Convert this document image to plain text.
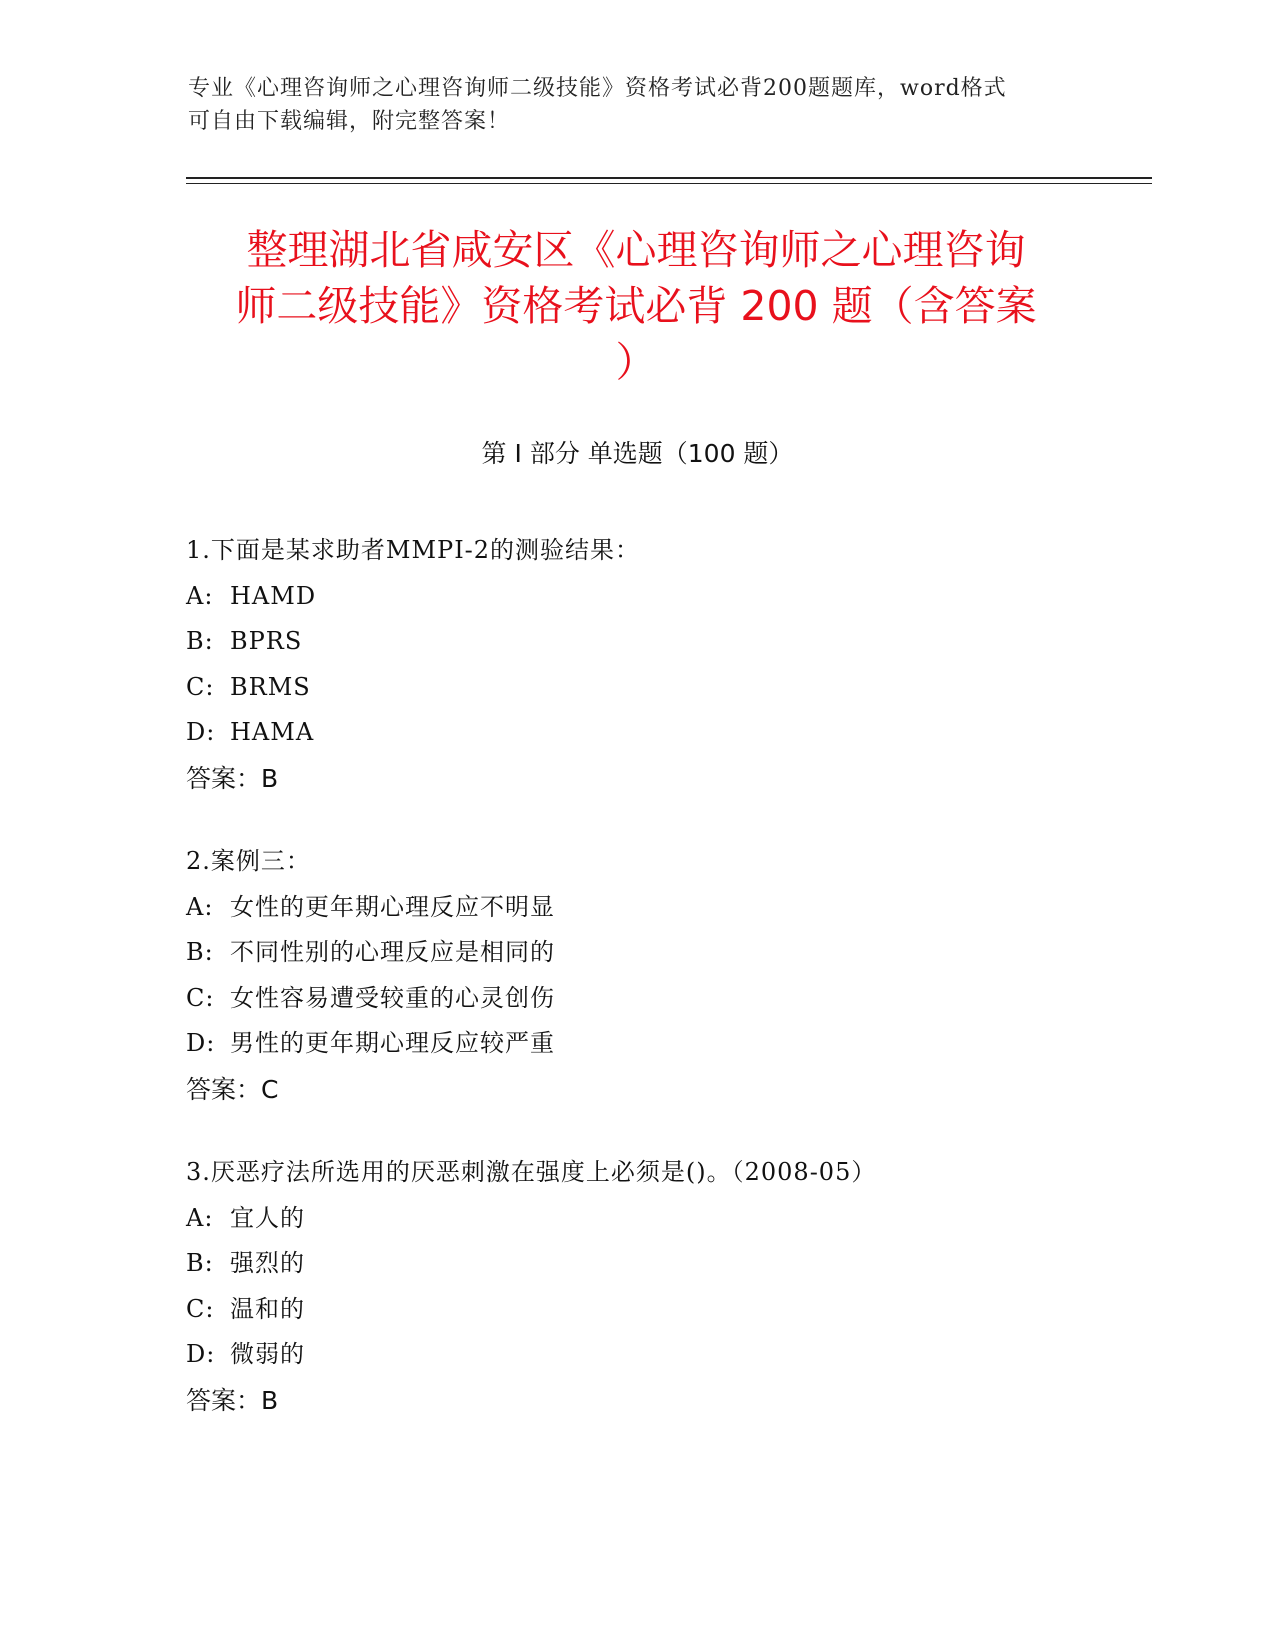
专业《心理咨询师之心理咨询师二级技能》资格考试必背200题题库，word格式
可自由下载编辑，附完整答案！
整理湖北省咸安区《心理咨询师之心理咨询
师二级技能》资格考试必背 200 题（含答案
）
第 I 部分 单选题（100 题）
1.下面是某求助者MMPI-2的测验结果：
A: HAMD
B: BPRS
C: BRMS
D: HAMA
答案：B
2.案例三：
A: 女性的更年期心理反应不明显
B: 不同性别的心理反应是相同的
C: 女性容易遭受较重的心灵创伤
D: 男性的更年期心理反应较严重
答案：C
3.厌恶疗法所选用的厌恶刺激在强度上必须是()。（2008-05）
A: 宜人的
B: 强烈的
C: 温和的
D: 微弱的
答案：B
